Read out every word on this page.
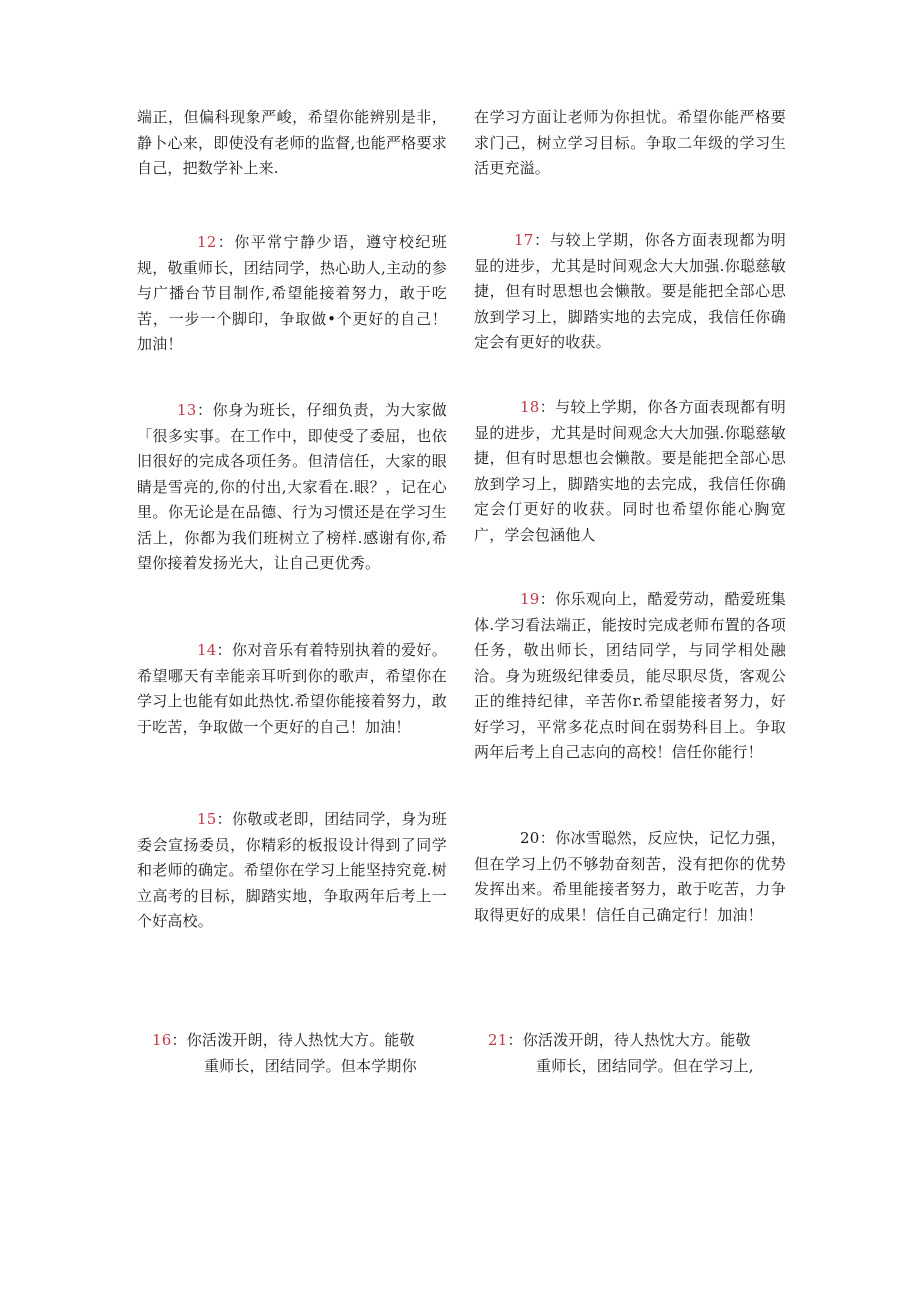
端正，但偏科现象严峻，希望你能辨别是非，静卜心来，即使没有老师的监督,也能严格要求自己，把数学补上来.

12：你平常宁静少语，遵守校纪班规，敬重师长，团结同学，热心助人,主动的参与广播台节目制作,希望能接着努力，敢于吃苦，一步一个脚印，争取做•个更好的自己！加油！

13：你身为班长，仔细负责，为大家做「很多实事。在工作中，即使受了委屈，也依旧很好的完成各项任务。但清信任，大家的眼睛是雪亮的,你的付出,大家看在.眼？，记在心里。你无论是在品德、行为习惯还是在学习生活上，你都为我们班树立了榜样.感谢有你,希望你接着发扬光大，让自己更优秀。

14：你对音乐有着特别执着的爱好。希望哪天有幸能亲耳听到你的歌声，希望你在学习上也能有如此热忱.希望你能接着努力，敢于吃苦，争取做一个更好的自己！加油！

15：你敬或老即，团结同学，身为班委会宣扬委员，你精彩的板报设计得到了同学和老师的确定。希望你在学习上能坚持究竟.树立高考的目标，脚踏实地，争取两年后考上一个好高校。

16：你活泼开朗，待人热忱大方。能敬
重师长，团结同学。但本学期你

在学习方面让老师为你担忧。希望你能严格要求门己，树立学习目标。争取二年级的学习生活更充溢。

17：与较上学期，你各方面表现都为明显的进步，尤其是时间观念大大加强.你聪慈敏捷，但有时思想也会懒散。要是能把全部心思放到学习上，脚踏实地的去完成，我信任你确定会有更好的收获。

18：与较上学期，你各方面表现都有明显的进步，尤其是时间观念大大加强.你聪慈敏捷，但有时思想也会懒散。要是能把全部心思放到学习上，脚踏实地的去完成，我信任你确定会仃更好的收获。同时也希望你能心胸宽广，学会包涵他人

19：你乐观向上，酷爱劳动，酷爱班集体.学习看法端正，能按时完成老师布置的各项任务，敬出师长，团结同学，与同学相处融洽。身为班级纪律委员，能尽职尽货，客观公正的维持纪律，辛苦你r.希望能接者努力，好好学习，平常多花点时间在弱势科目上。争取两年后考上自己志向的高校！信任你能行！

20：你冰雪聪然，反应快，记忆力强，但在学习上仍不够勃奋刻苦，没有把你的优势发挥出来。希里能接者努力，敢于吃苦，力争取得更好的成果！信任自己确定行！加油！

21：你活泼开朗，待人热忱大方。能敬
重师长，团结同学。但在学习上,
